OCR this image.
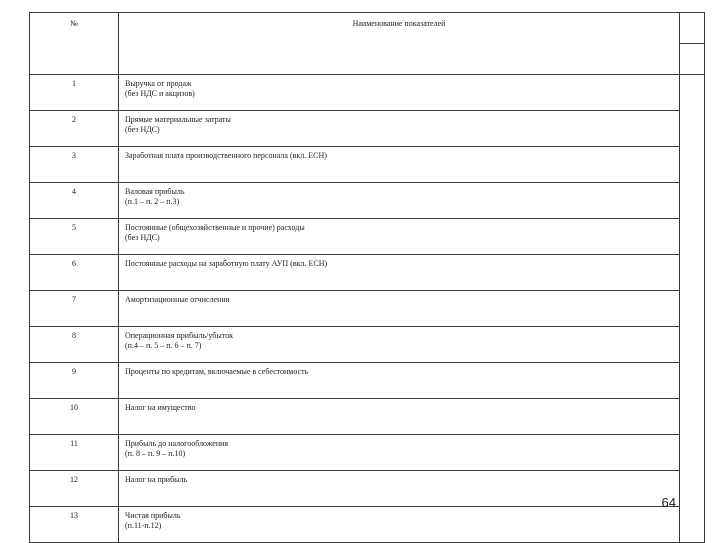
№	Наименование показателей	

1	Выручка от продаж
(без НДС и акцизов)	

2	Прямые материальные затраты
(без НДС)	

3	Заработная плата производственного персонала (вкл. ЕСН)	

4	Валовая прибыль
(п.1 – п. 2 – п.3)	

5	Постоянные (общехозяйственные и прочие) расходы
(без НДС)	

6	Постоянные расходы на заработную плату АУП (вкл. ЕСН)	

7	Амортизационные отчисления	

8	Операционная прибыль/убыток
(п.4 – п. 5 – п. 6 – п. 7)	

9	Проценты по кредитам, включаемые в себестоимость	

10	Налог на имущество	

11	Прибыль до налогообложения
(п. 8 – п. 9 – п.10)	

12	Налог на прибыль	

13	Чистая прибыль
(п.11-п.12)	
64
